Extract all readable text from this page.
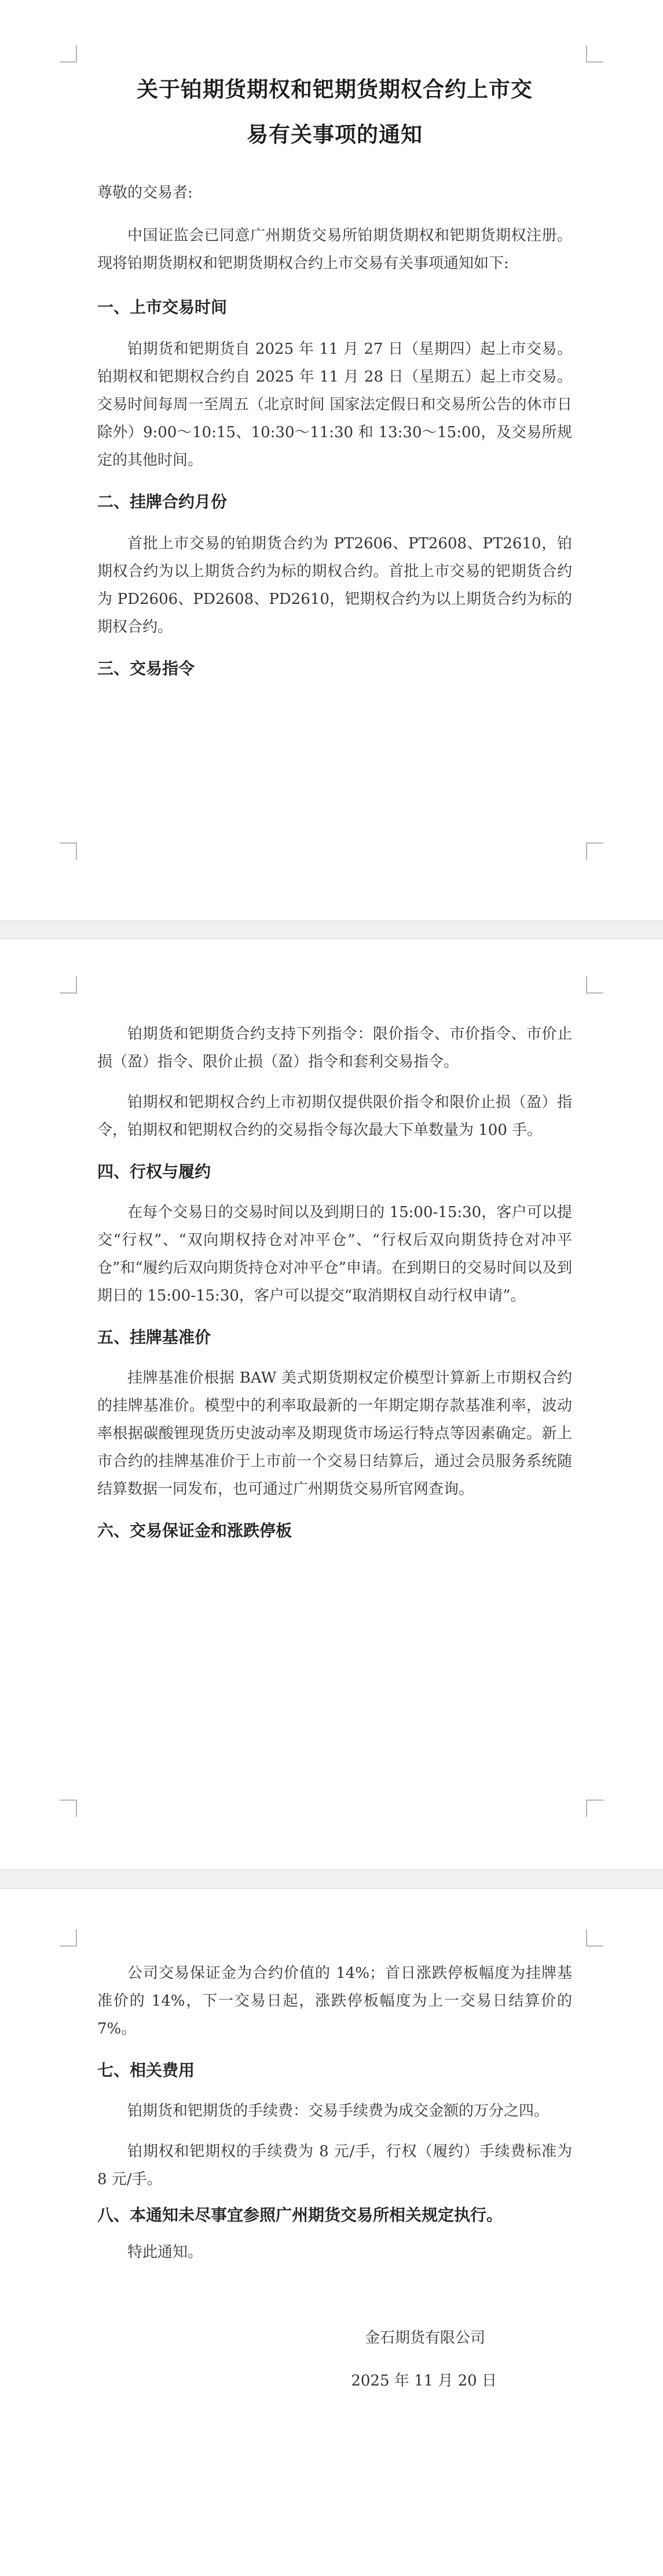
关于铂期货期权和钯期货期权合约上市交
易有关事项的通知

尊敬的交易者:

中国证监会已同意广州期货交易所铂期货期权和钯期货期权注册。现将铂期货期权和钯期货期权合约上市交易有关事项通知如下:

一、上市交易时间

铂期货和钯期货自 2025 年 11 月 27 日（星期四）起上市交易。铂期权和钯期权合约自 2025 年 11 月 28 日（星期五）起上市交易。交易时间每周一至周五（北京时间 国家法定假日和交易所公告的休市日除外）9:00～10:15、10:30～11:30 和 13:30～15:00，及交易所规定的其他时间。

二、挂牌合约月份

首批上市交易的铂期货合约为 PT2606、PT2608、PT2610，铂期权合约为以上期货合约为标的期权合约。首批上市交易的钯期货合约为 PD2606、PD2608、PD2610，钯期权合约为以上期货合约为标的期权合约。

三、交易指令

铂期货和钯期货合约支持下列指令：限价指令、市价指令、市价止损（盈）指令、限价止损（盈）指令和套利交易指令。

铂期权和钯期权合约上市初期仅提供限价指令和限价止损（盈）指令，铂期权和钯期权合约的交易指令每次最大下单数量为 100 手。

四、行权与履约

在每个交易日的交易时间以及到期日的 15:00-15:30，客户可以提交“行权”、“双向期权持仓对冲平仓”、“行权后双向期货持仓对冲平仓”和“履约后双向期货持仓对冲平仓”申请。在到期日的交易时间以及到期日的 15:00-15:30，客户可以提交“取消期权自动行权申请”。

五、挂牌基准价

挂牌基准价根据 BAW 美式期货期权定价模型计算新上市期权合约的挂牌基准价。模型中的利率取最新的一年期定期存款基准利率，波动率根据碳酸锂现货历史波动率及期现货市场运行特点等因素确定。新上市合约的挂牌基准价于上市前一个交易日结算后，通过会员服务系统随结算数据一同发布，也可通过广州期货交易所官网查询。

六、交易保证金和涨跌停板

公司交易保证金为合约价值的 14%；首日涨跌停板幅度为挂牌基准价的 14%，下一交易日起，涨跌停板幅度为上一交易日结算价的 7%。

七、相关费用

铂期货和钯期货的手续费：交易手续费为成交金额的万分之四。

铂期权和钯期权的手续费为 8 元/手，行权（履约）手续费标准为 8 元/手。

八、本通知未尽事宜参照广州期货交易所相关规定执行。

特此通知。

金石期货有限公司
2025 年 11 月 20 日
